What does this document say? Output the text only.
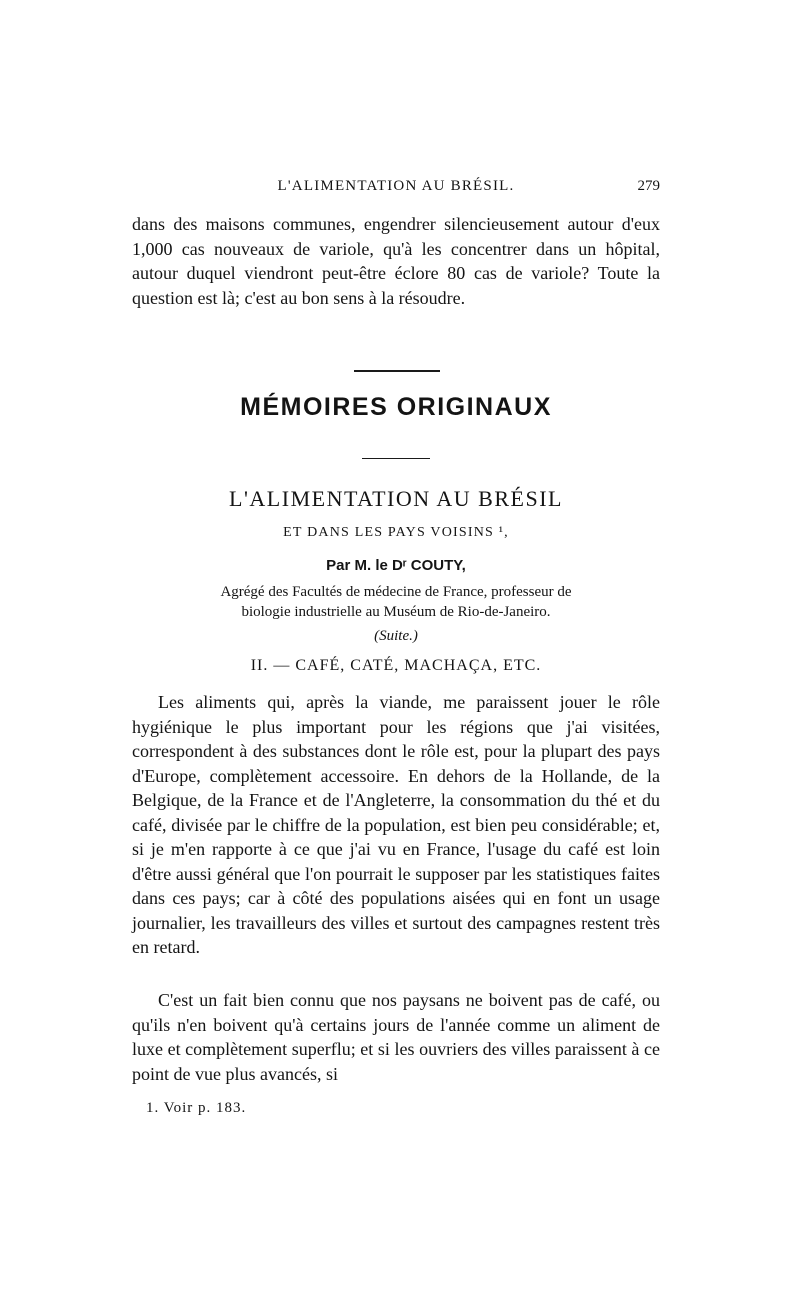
L'ALIMENTATION AU BRÉSIL.	279

dans des maisons communes, engendrer silencieusement autour d'eux 1,000 cas nouveaux de variole, qu'à les concentrer dans un hôpital, autour duquel viendront peut-être éclore 80 cas de variole? Toute la question est là; c'est au bon sens à la résoudre.

MÉMOIRES ORIGINAUX
L'ALIMENTATION AU BRÉSIL
ET DANS LES PAYS VOISINS ¹,
Par M. le Dʳ COUTY,
Agrégé des Facultés de médecine de France, professeur de
biologie industrielle au Muséum de Rio-de-Janeiro.
(Suite.)
II. — CAFÉ, CATÉ, MACHAÇA, ETC.

Les aliments qui, après la viande, me paraissent jouer le rôle hygiénique le plus important pour les régions que j'ai visitées, correspondent à des substances dont le rôle est, pour la plupart des pays d'Europe, complètement accessoire. En dehors de la Hollande, de la Belgique, de la France et de l'Angleterre, la consommation du thé et du café, divisée par le chiffre de la population, est bien peu considérable; et, si je m'en rapporte à ce que j'ai vu en France, l'usage du café est loin d'être aussi général que l'on pourrait le supposer par les statistiques faites dans ces pays; car à côté des populations aisées qui en font un usage journalier, les travailleurs des villes et surtout des campagnes restent très en retard.

C'est un fait bien connu que nos paysans ne boivent pas de café, ou qu'ils n'en boivent qu'à certains jours de l'année comme un aliment de luxe et complètement superflu; et si les ouvriers des villes paraissent à ce point de vue plus avancés, si

1. Voir p. 183.
